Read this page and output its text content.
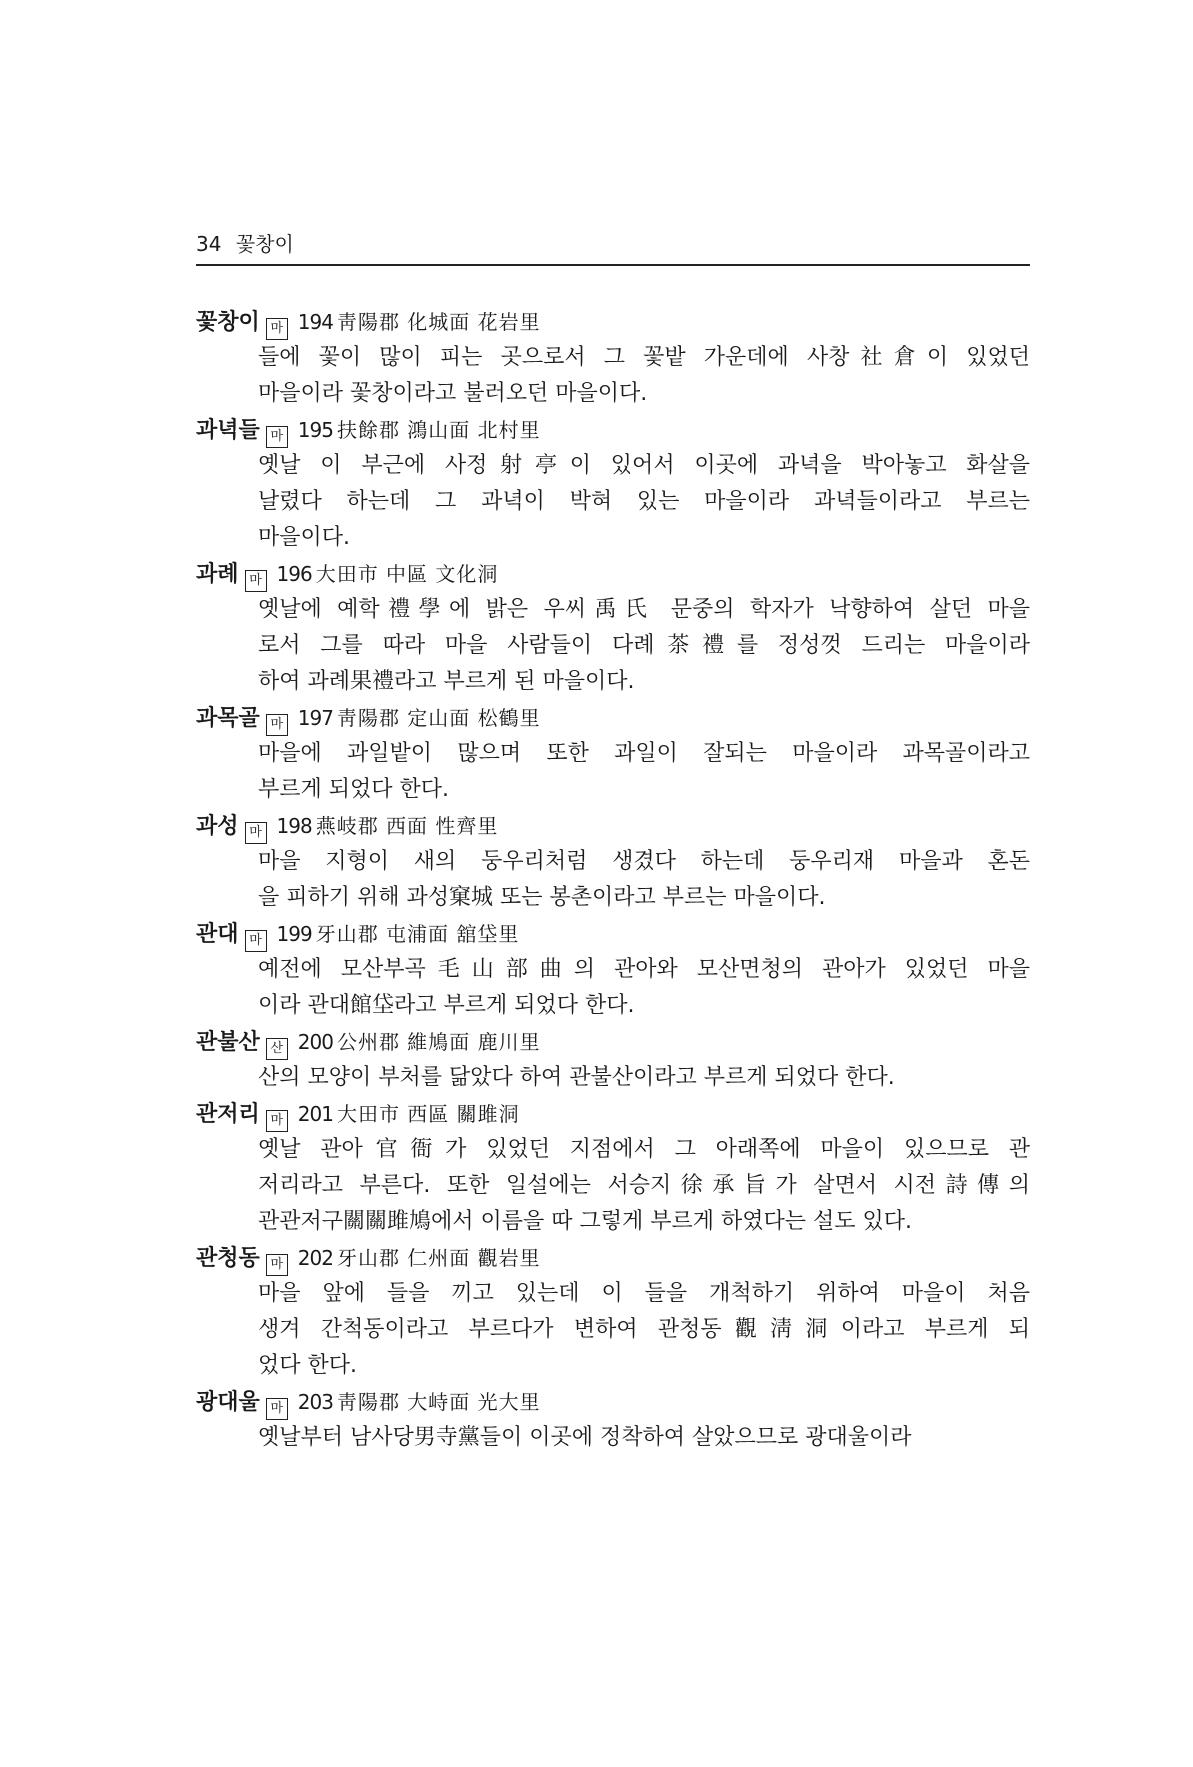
34 꽃창이
꽃창이 마 194 靑陽郡 化城面 花岩里
들에 꽃이 많이 피는 곳으로서 그 꽃밭 가운데에 사창社倉이 있었던
마을이라 꽃창이라고 불러오던 마을이다.
과녁들 마 195 扶餘郡 鴻山面 北村里
옛날 이 부근에 사정射亭이 있어서 이곳에 과녁을 박아놓고 화살을
날렸다 하는데 그 과녁이 박혀 있는 마을이라 과녁들이라고 부르는
마을이다.
과례 마 196 大田市 中區 文化洞
옛날에 예학禮學에 밝은 우씨禹氏 문중의 학자가 낙향하여 살던 마을
로서 그를 따라 마을 사람들이 다례茶禮를 정성껏 드리는 마을이라
하여 과례果禮라고 부르게 된 마을이다.
과목골 마 197 靑陽郡 定山面 松鶴里
마을에 과일밭이 많으며 또한 과일이 잘되는 마을이라 과목골이라고
부르게 되었다 한다.
과성 마 198 燕岐郡 西面 性齊里
마을 지형이 새의 둥우리처럼 생겼다 하는데 둥우리재 마을과 혼돈
을 피하기 위해 과성窠城 또는 봉촌이라고 부르는 마을이다.
관대 마 199 牙山郡 屯浦面 舘垈里
예전에 모산부곡毛山部曲의 관아와 모산면청의 관아가 있었던 마을
이라 관대館垈라고 부르게 되었다 한다.
관불산 산 200 公州郡 維鳩面 鹿川里
산의 모양이 부처를 닮았다 하여 관불산이라고 부르게 되었다 한다.
관저리 마 201 大田市 西區 關雎洞
옛날 관아官衙가 있었던 지점에서 그 아래쪽에 마을이 있으므로 관
저리라고 부른다. 또한 일설에는 서승지徐承旨가 살면서 시전詩傳의
관관저구關關雎鳩에서 이름을 따 그렇게 부르게 하였다는 설도 있다.
관청동 마 202 牙山郡 仁州面 觀岩里
마을 앞에 들을 끼고 있는데 이 들을 개척하기 위하여 마을이 처음
생겨 간척동이라고 부르다가 변하여 관청동觀淸洞이라고 부르게 되
었다 한다.
광대울 마 203 靑陽郡 大峙面 光大里
옛날부터 남사당男寺黨들이 이곳에 정착하여 살았으므로 광대울이라
